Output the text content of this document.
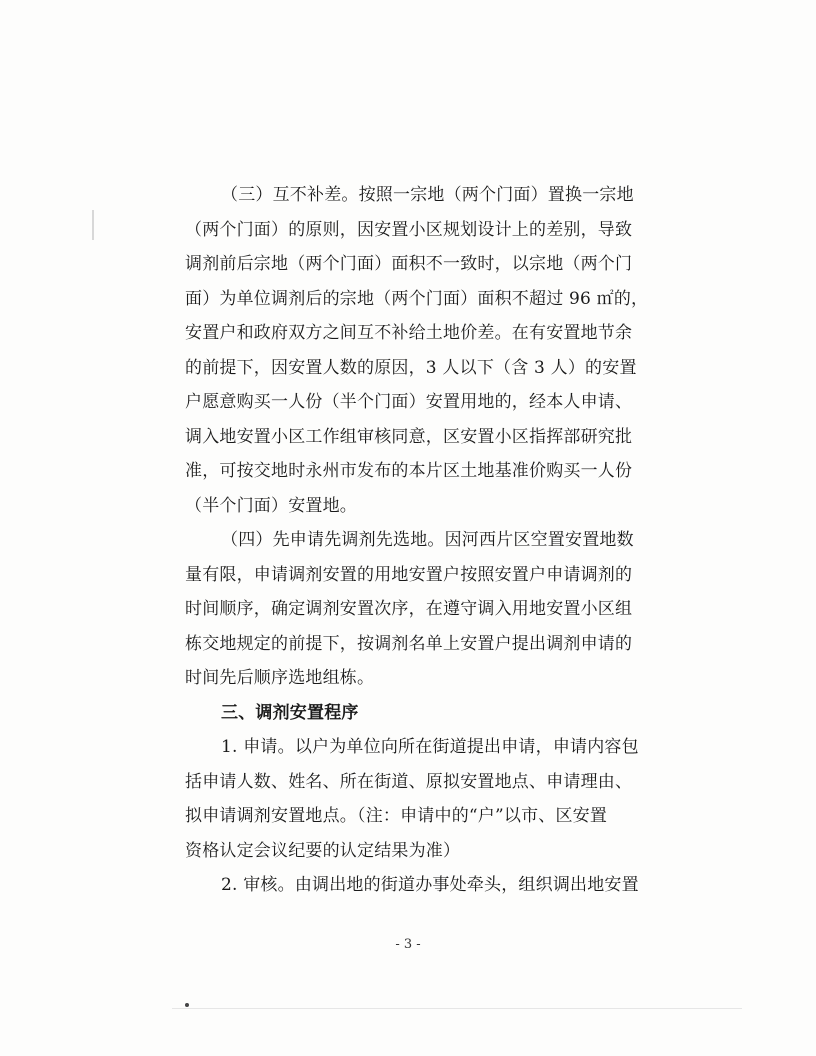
（三）互不补差。按照一宗地（两个门面）置换一宗地
（两个门面）的原则，因安置小区规划设计上的差别，导致
调剂前后宗地（两个门面）面积不一致时，以宗地（两个门
面）为单位调剂后的宗地（两个门面）面积不超过 96 ㎡的，
安置户和政府双方之间互不补给土地价差。在有安置地节余
的前提下，因安置人数的原因，3 人以下（含 3 人）的安置
户愿意购买一人份（半个门面）安置用地的，经本人申请、
调入地安置小区工作组审核同意，区安置小区指挥部研究批
准，可按交地时永州市发布的本片区土地基准价购买一人份
（半个门面）安置地。
（四）先申请先调剂先选地。因河西片区空置安置地数
量有限，申请调剂安置的用地安置户按照安置户申请调剂的
时间顺序，确定调剂安置次序，在遵守调入用地安置小区组
栋交地规定的前提下，按调剂名单上安置户提出调剂申请的
时间先后顺序选地组栋。
三、调剂安置程序
1. 申请。以户为单位向所在街道提出申请，申请内容包
括申请人数、姓名、所在街道、原拟安置地点、申请理由、
拟申请调剂安置地点。（注：申请中的“户”以市、区安置
资格认定会议纪要的认定结果为准）
2. 审核。由调出地的街道办事处牵头，组织调出地安置
- 3 -
